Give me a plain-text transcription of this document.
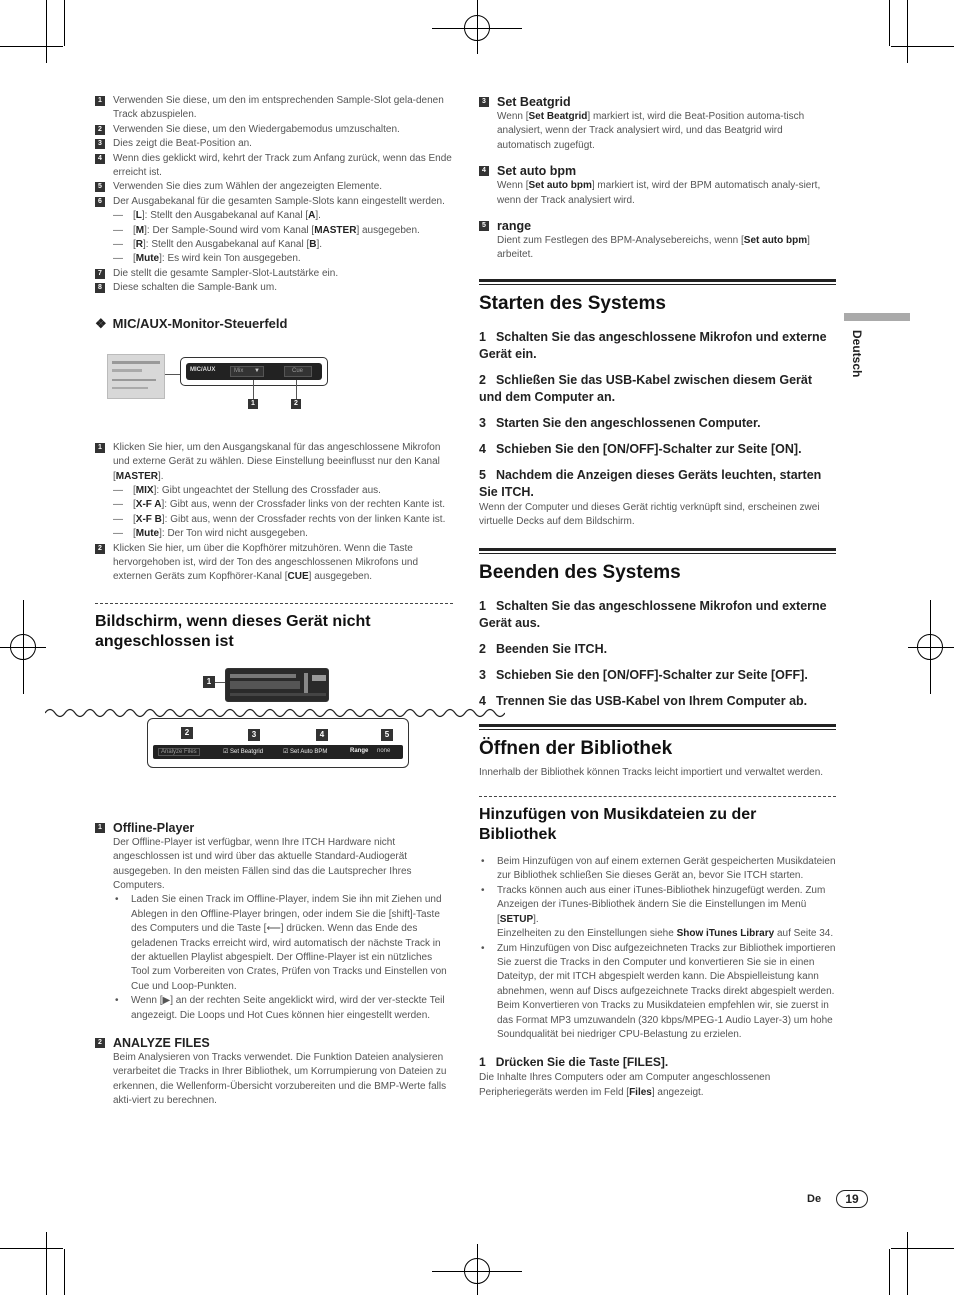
1	Verwenden Sie diese, um den im entsprechenden Sample-Slot gela-denen Track abzuspielen.
2	Verwenden Sie diese, um den Wiedergabemodus umzuschalten.
3	Dies zeigt die Beat-Position an.
4	Wenn dies geklickt wird, kehrt der Track zum Anfang zurück, wenn das Ende erreicht ist.
5	Verwenden Sie dies zum Wählen der angezeigten Elemente.
6	Der Ausgabekanal für die gesamten Sample-Slots kann eingestellt werden.
— [L]: Stellt den Ausgabekanal auf Kanal [A].
— [M]: Der Sample-Sound wird vom Kanal [MASTER] ausgegeben.
— [R]: Stellt den Ausgabekanal auf Kanal [B].
— [Mute]: Es wird kein Ton ausgegeben.
7	Die stellt die gesamte Sampler-Slot-Lautstärke ein.
8	Diese schalten die Sample-Bank um.
❖ MIC/AUX-Monitor-Steuerfeld
MIC/AUX	Mix ▼	Cue
1	2
1	Klicken Sie hier, um den Ausgangskanal für das angeschlossene Mikrofon und externe Gerät zu wählen. Diese Einstellung beeinflusst nur den Kanal [MASTER].
— [MIX]: Gibt ungeachtet der Stellung des Crossfader aus.
— [X-F A]: Gibt aus, wenn der Crossfader links von der rechten Kante ist.
— [X-F B]: Gibt aus, wenn der Crossfader rechts von der linken Kante ist.
— [Mute]: Der Ton wird nicht ausgegeben.
2	Klicken Sie hier, um über die Kopfhörer mitzuhören. Wenn die Taste hervorgehoben ist, wird der Ton des angeschlossenen Mikrofons und externen Geräts zum Kopfhörer-Kanal [CUE] ausgegeben.
Bildschirm, wenn dieses Gerät nicht angeschlossen ist
1
2	3	4	5
Analyze Files	☑ Set Beatgrid	☑ Set Auto BPM	Range none
1 Offline-Player
Der Offline-Player ist verfügbar, wenn Ihre ITCH Hardware nicht angeschlossen ist und wird über das aktuelle Standard-Audiogerät ausgegeben. In den meisten Fällen sind das die Lautsprecher Ihres Computers.
• Laden Sie einen Track im Offline-Player, indem Sie ihn mit Ziehen und Ablegen in den Offline-Player bringen, oder indem Sie die [shift]-Taste des Computers und die Taste [⟵] drücken. Wenn das Ende des geladenen Tracks erreicht wird, wird automatisch der nächste Track in der aktuellen Playlist abgespielt. Der Offline-Player ist ein nützliches Tool zum Vorbereiten von Crates, Prüfen von Tracks und Einstellen von Cue und Loop-Punkten.
• Wenn [▶] an der rechten Seite angeklickt wird, wird der ver-steckte Teil angezeigt. Die Loops und Hot Cues können hier eingestellt werden.
2 ANALYZE FILES
Beim Analysieren von Tracks verwendet. Die Funktion Dateien analysieren verarbeitet die Tracks in Ihrer Bibliothek, um Korrumpierung von Dateien zu erkennen, die Wellenform-Übersicht vorzubereiten und die BMP-Werte falls akti-viert zu berechnen.
3 Set Beatgrid
Wenn [Set Beatgrid] markiert ist, wird die Beat-Position automa-tisch analysiert, wenn der Track analysiert wird, und das Beatgrid wird automatisch zugefügt.
4 Set auto bpm
Wenn [Set auto bpm] markiert ist, wird der BPM automatisch analy-siert, wenn der Track analysiert wird.
5 range
Dient zum Festlegen des BPM-Analysebereichs, wenn [Set auto bpm] arbeitet.
Starten des Systems
1 Schalten Sie das angeschlossene Mikrofon und externe Gerät ein.
2 Schließen Sie das USB-Kabel zwischen diesem Gerät und dem Computer an.
3 Starten Sie den angeschlossenen Computer.
4 Schieben Sie den [ON/OFF]-Schalter zur Seite [ON].
5 Nachdem die Anzeigen dieses Geräts leuchten, starten Sie ITCH.
Wenn der Computer und dieses Gerät richtig verknüpft sind, erscheinen zwei virtuelle Decks auf dem Bildschirm.
Beenden des Systems
1 Schalten Sie das angeschlossene Mikrofon und externe Gerät aus.
2 Beenden Sie ITCH.
3 Schieben Sie den [ON/OFF]-Schalter zur Seite [OFF].
4 Trennen Sie das USB-Kabel von Ihrem Computer ab.
Öffnen der Bibliothek
Innerhalb der Bibliothek können Tracks leicht importiert und verwaltet werden.
Hinzufügen von Musikdateien zu der Bibliothek
• Beim Hinzufügen von auf einem externen Gerät gespeicherten Musikdateien zur Bibliothek schließen Sie dieses Gerät an, bevor Sie ITCH starten.
• Tracks können auch aus einer iTunes-Bibliothek hinzugefügt werden. Zum Anzeigen der iTunes-Bibliothek ändern Sie die Einstellungen im Menü [SETUP].
Einzelheiten zu den Einstellungen siehe Show iTunes Library auf Seite 34.
• Zum Hinzufügen von Disc aufgezeichneten Tracks zur Bibliothek importieren Sie zuerst die Tracks in den Computer und konvertieren Sie sie in einen Dateityp, der mit ITCH abgespielt werden kann. Die Abspielleistung kann abnehmen, wenn auf Discs aufgezeichnete Tracks direkt abgespielt werden. Beim Konvertieren von Tracks zu Musikdateien empfehlen wir, sie zuerst in das Format MP3 umzuwandeln (320 kbps/MPEG-1 Audio Layer-3) um hohe Soundqualität bei niedriger CPU-Belastung zu erzielen.
1 Drücken Sie die Taste [FILES].
Die Inhalte Ihres Computers oder am Computer angeschlossenen Peripheriegeräts werden im Feld [Files] angezeigt.
Deutsch
De	19
